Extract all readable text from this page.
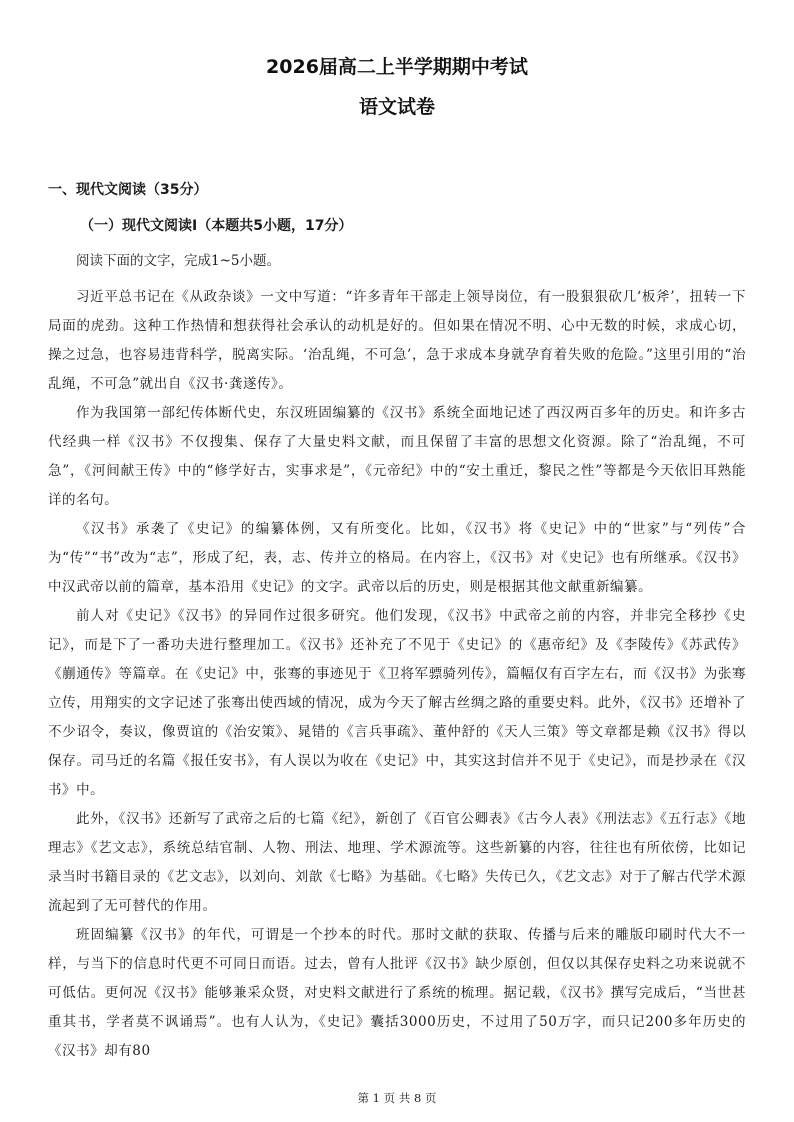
2026届高二上半学期期中考试
语文试卷
一、现代文阅读（35分）
（一）现代文阅读Ⅰ（本题共5小题，17分）
阅读下面的文字，完成1~5小题。

习近平总书记在《从政杂谈》一文中写道：“许多青年干部走上领导岗位，有一股狠狠砍几‘板斧’，扭转一下局面的虎劲。这种工作热情和想获得社会承认的动机是好的。但如果在情况不明、心中无数的时候，求成心切，操之过急，也容易违背科学，脱离实际。‘治乱绳，不可急’，急于求成本身就孕育着失败的危险。”这里引用的“治乱绳，不可急”就出自《汉书·龚遂传》。

作为我国第一部纪传体断代史，东汉班固编纂的《汉书》系统全面地记述了西汉两百多年的历史。和许多古代经典一样《汉书》不仅搜集、保存了大量史料文献，而且保留了丰富的思想文化资源。除了“治乱绳，不可急”，《河间献王传》中的“修学好古，实事求是”，《元帝纪》中的“安土重迁，黎民之性”等都是今天依旧耳熟能详的名句。

《汉书》承袭了《史记》的编纂体例，又有所变化。比如，《汉书》将《史记》中的“世家”与“列传”合为“传”“书”改为“志”，形成了纪，表，志、传并立的格局。在内容上，《汉书》对《史记》也有所继承。《汉书》中汉武帝以前的篇章，基本沿用《史记》的文字。武帝以后的历史，则是根据其他文献重新编纂。

前人对《史记》《汉书》的异同作过很多研究。他们发现，《汉书》中武帝之前的内容，并非完全移抄《史记》，而是下了一番功夫进行整理加工。《汉书》还补充了不见于《史记》的《惠帝纪》及《李陵传》《苏武传》《蒯通传》等篇章。在《史记》中，张骞的事迹见于《卫将军骠骑列传》，篇幅仅有百字左右，而《汉书》为张骞立传，用翔实的文字记述了张骞出使西域的情况，成为今天了解古丝绸之路的重要史料。此外，《汉书》还增补了不少诏令，奏议，像贾谊的《治安策》、晁错的《言兵事疏》、董仲舒的《天人三策》等文章都是赖《汉书》得以保存。司马迁的名篇《报任安书》，有人误以为收在《史记》中，其实这封信并不见于《史记》，而是抄录在《汉书》中。

此外，《汉书》还新写了武帝之后的七篇《纪》，新创了《百官公卿表》《古今人表》《刑法志》《五行志》《地理志》《艺文志》，系统总结官制、人物、刑法、地理、学术源流等。这些新纂的内容，往往也有所依傍，比如记录当时书籍目录的《艺文志》，以刘向、刘歆《七略》为基础。《七略》失传已久，《艺文志》对于了解古代学术源流起到了无可替代的作用。

班固编纂《汉书》的年代，可谓是一个抄本的时代。那时文献的获取、传播与后来的雕版印刷时代大不一样，与当下的信息时代更不可同日而语。过去，曾有人批评《汉书》缺少原创，但仅以其保存史料之功来说就不可低估。更何况《汉书》能够兼采众贤，对史料文献进行了系统的梳理。据记载，《汉书》撰写完成后，“当世甚重其书，学者莫不讽诵焉”。也有人认为，《史记》囊括3000历史，不过用了50万字，而只记200多年历史的《汉书》却有80

第 1 页 共 8 页
